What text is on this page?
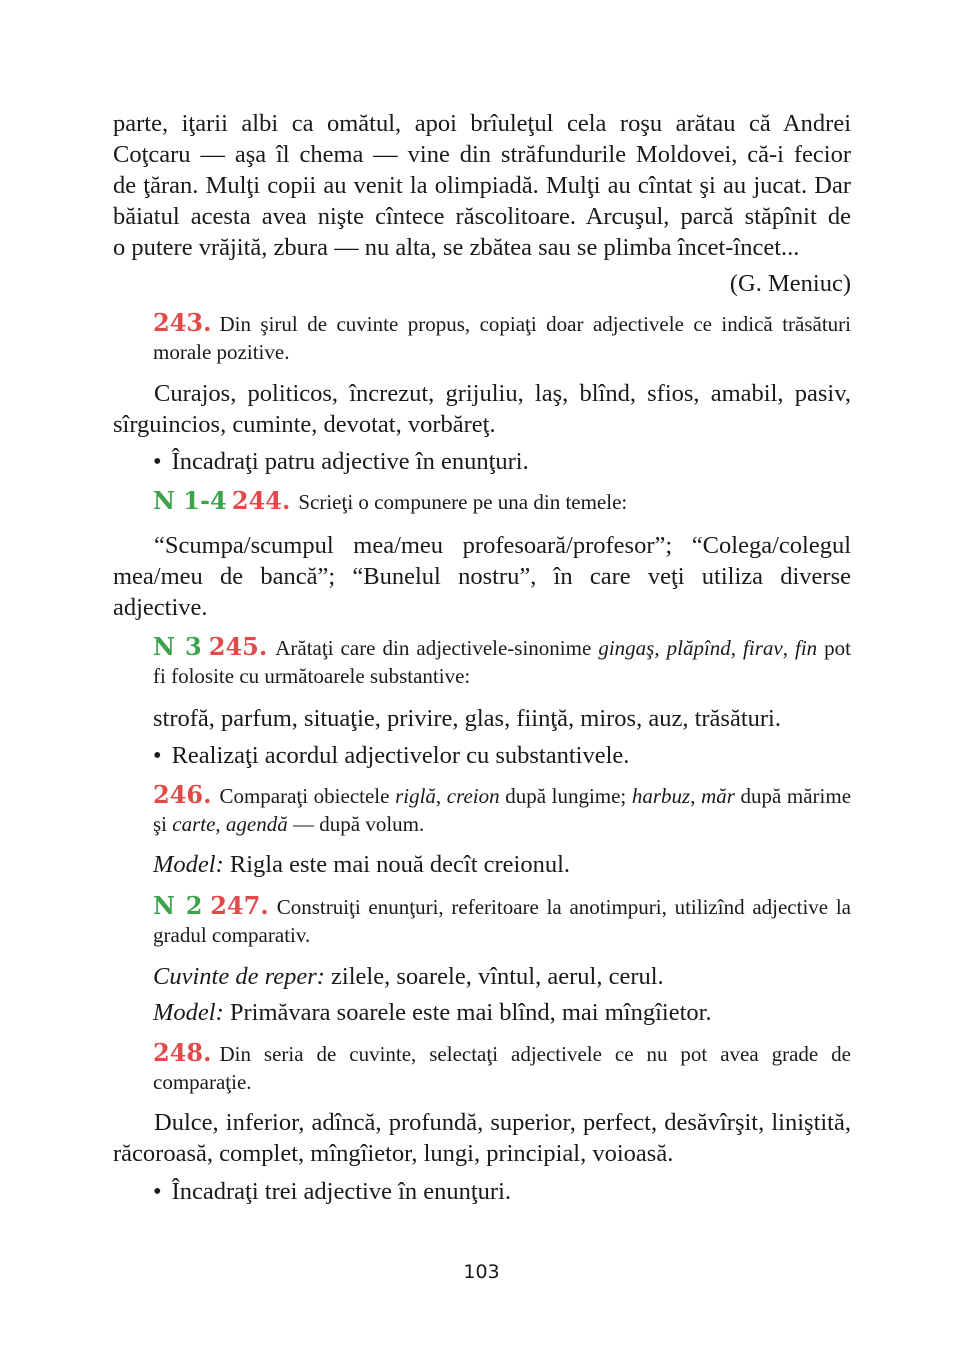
parte, iţarii albi ca omătul, apoi brîuleţul cela roşu arătau că Andrei

Coţcaru — aşa îl chema — vine din străfundurile Moldovei, că-i fecior

de ţăran. Mulţi copii au venit la olimpiadă. Mulţi au cîntat şi au jucat. Dar

băiatul acesta avea nişte cîntece răscolitoare. Arcuşul, parcă stăpînit de

o putere vrăjită, zbura — nu alta, se zbătea sau se plimba încet-încet...

(G. Meniuc)

243. Din şirul de cuvinte propus, copiaţi doar adjectivele ce indică trăsături morale pozitive.

Curajos, politicos, încrezut, grijuliu, laş, blînd, sfios, amabil, pasiv, sîrguincios, cuminte, devotat, vorbăreţ.

• Încadraţi patru adjective în enunţuri.

N 1-4 244. Scrieţi o compunere pe una din temele:

“Scumpa/scumpul mea/meu profesoară/profesor”; “Colega/colegul mea/meu de bancă”; “Bunelul nostru”, în care veţi utiliza diverse adjective.

N 3 245. Arătaţi care din adjectivele-sinonime gingaş, plăpînd, firav, fin pot fi folosite cu următoarele substantive:

strofă, parfum, situaţie, privire, glas, fiinţă, miros, auz, trăsături.
• Realizaţi acordul adjectivelor cu substantivele.

246. Comparaţi obiectele riglă, creion după lungime; harbuz, măr după mărime şi carte, agendă — după volum.

Model: Rigla este mai nouă decît creionul.

N 2 247. Construiţi enunţuri, referitoare la anotimpuri, utilizînd adjective la gradul comparativ.

Cuvinte de reper: zilele, soarele, vîntul, aerul, cerul.
Model: Primăvara soarele este mai blînd, mai mîngîietor.

248. Din seria de cuvinte, selectaţi adjectivele ce nu pot avea grade de comparaţie.

Dulce, inferior, adîncă, profundă, superior, perfect, desăvîrşit, liniştită, răcoroasă, complet, mîngîietor, lungi, principial, voioasă.

• Încadraţi trei adjective în enunţuri.
103
